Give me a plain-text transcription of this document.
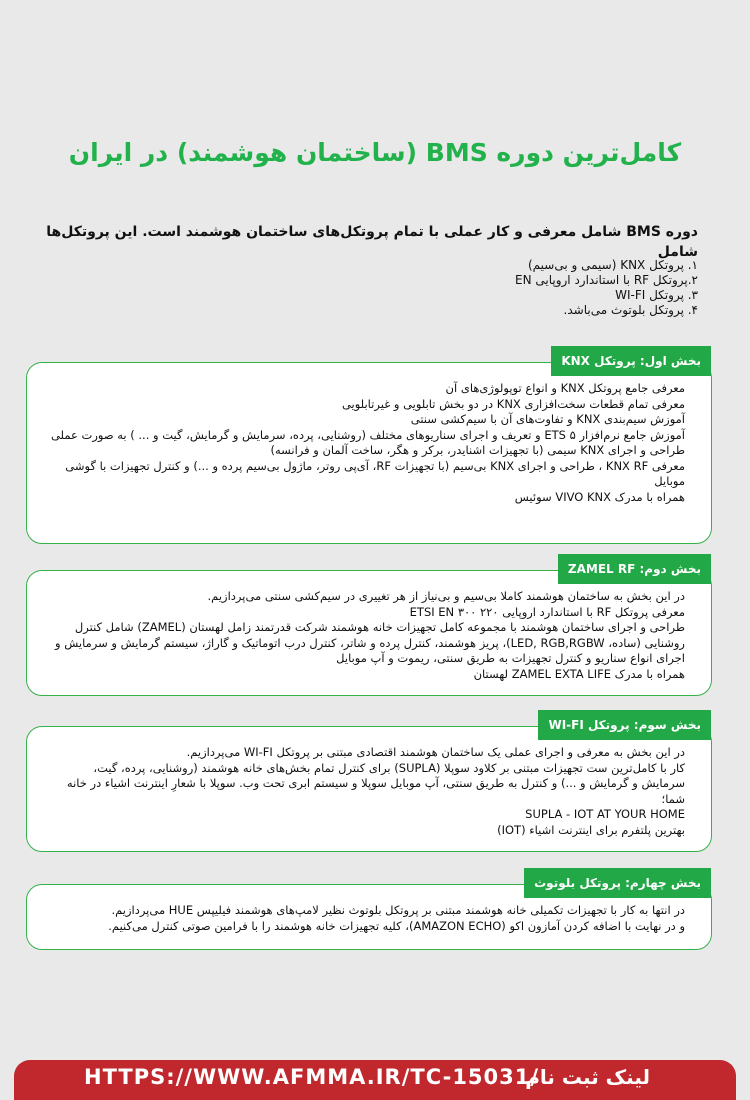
کامل‌ترین دوره BMS (ساختمان هوشمند) در ایران
دوره BMS شامل معرفی و کار عملی با تمام پروتکل‌های ساختمان هوشمند است. این پروتکل‌ها شامل
۱. پروتکل KNX (سیمی و بی‌سیم)
۲.پروتکل RF با استاندارد اروپایی EN
۳. پروتکل WI-FI
۴. پروتکل بلوتوث می‌باشد.
بخش اول: پروتکل KNX
معرفی جامع پروتکل KNX و انواع توپولوژی‌های آن
معرفی تمام قطعات سخت‌افزاری KNX در دو بخش تابلویی و غیرتابلویی
آموزش سیم‌بندی KNX و تفاوت‌های آن با سیم‌کشی سنتی
آموزش جامع نرم‌افزار ETS ۵ و تعریف و اجرای سناریوهای مختلف (روشنایی، پرده، سرمایش و گرمایش، گیت و ... ) به صورت عملی
طراحی و اجرای KNX سیمی (با تجهیزات اشنایدر، برکر و هگر، ساخت آلمان و فرانسه)
معرفی KNX RF ، طراحی و اجرای KNX بی‌سیم (با تجهیزات RF، آی‌پی روتر، ماژول بی‌سیم پرده و ...) و کنترل تجهیزات با گوشی موبایل
همراه با مدرک VIVO KNX سوئیس
بخش دوم: ZAMEL RF
در این بخش به ساختمان هوشمند کاملا بی‌سیم و بی‌نیاز از هر تغییری در سیم‌کشی سنتی می‌پردازیم.
معرفی پروتکل RF با استاندارد اروپایی ETSI EN ۳۰۰ ۲۲۰
طراحی و اجرای ساختمان هوشمند با مجموعه کامل تجهیزات خانه هوشمند شرکت قدرتمند زامل لهستان (ZAMEL) شامل کنترل روشنایی (ساده، LED, RGB,RGBW)، پریز هوشمند، کنترل پرده و شاتر، کنترل درب اتوماتیک و گاراژ، سیستم گرمایش و سرمایش و اجرای انواع سناریو و کنترل تجهیزات به طریق سنتی، ریموت و آپ موبایل
همراه با مدرک ZAMEL EXTA LIFE لهستان
بخش سوم: پروتکل WI-FI
در این بخش به معرفی و اجرای عملی یک ساختمان هوشمند اقتصادی مبتنی بر پروتکل WI-FI می‌پردازیم.
کار با کامل‌ترین ست تجهیزات مبتنی بر کلاود سوپلا (SUPLA) برای کنترل تمام بخش‌های خانه هوشمند (روشنایی، پرده، گیت، سرمایش و گرمایش و ...) و کنترل به طریق سنتی، آپ موبایل سوپلا و سیستم ابری تحت وب. سوپلا با شعارِ اینترنت اشیاء در خانه شما؛
SUPLA - IOT AT YOUR HOME
بهترین پلتفرم برای اینترنت اشیاء (IOT)
بخش چهارم: پروتکل بلوتوث
در انتها به کار با تجهیزات تکمیلی خانه هوشمند مبتنی بر پروتکل بلوتوث نظیر لامپ‌های هوشمند فیلیپس HUE می‌پردازیم.
و در نهایت با اضافه کردن آمازون اکو (AMAZON ECHO)، کلیه تجهیزات خانه هوشمند را با فرامین صوتی کنترل می‌کنیم.
لینک ثبت نام
HTTPS://WWW.AFMMA.IR/TC-15031/
